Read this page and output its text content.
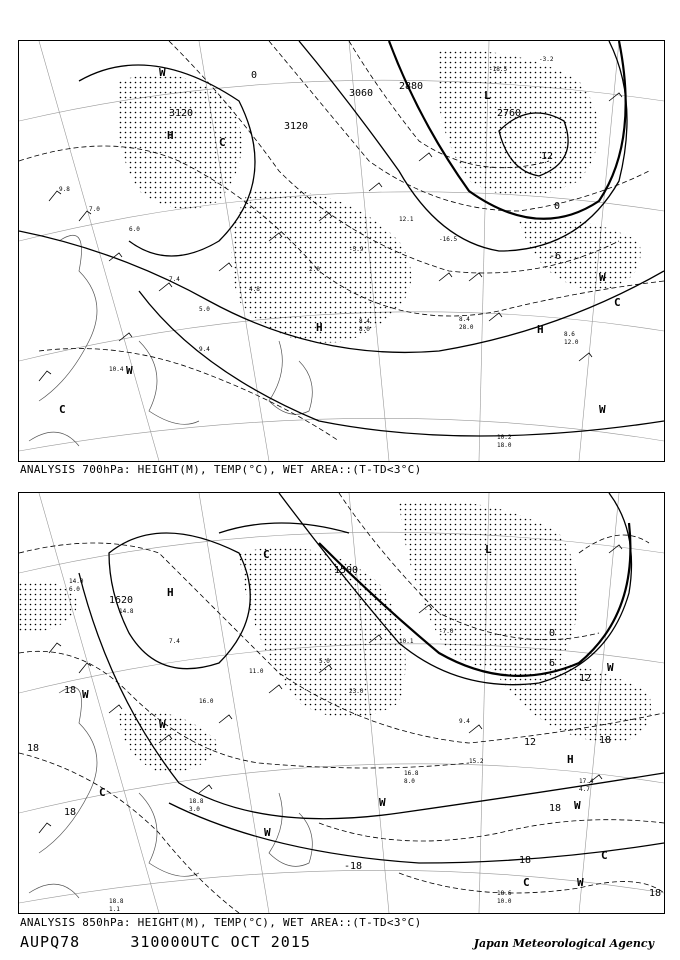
9.8
7.0
6.0
7.4
5.0
4.8
2.0
-5.9
12.1
-16.5
8.4
28.0
8.6
12.0
10.4
9.4
8.4
8.0
10.2
18.0
-18.5
-3.2
3060
3120
2880
2760
3120
12
0
-6
0
W
H
C
L
H	H
W
C
W
W
C
ANALYSIS 700hPa: HEIGHT(M), TEMP(°C), WET AREA::(T-TD<3°C)
14.0
6.0
14.8
7.4
16.0
11.0
5.0
23.0
10.1
-7.0
9.4
15.2
16.8
8.0	17.4
4.7
18.8
3.0
18.8
1.1
18.6
10.0
1500
1620
18
18
18
12
0
6
12
-18
18
18
18
18
H
C	L
W
W
C
W
W
H
W
C
C
W
W
ANALYSIS 850hPa: HEIGHT(M), TEMP(°C), WET AREA::(T-TD<3°C)
AUPQ78	310000UTC OCT 2015	Japan Meteorological Agency
